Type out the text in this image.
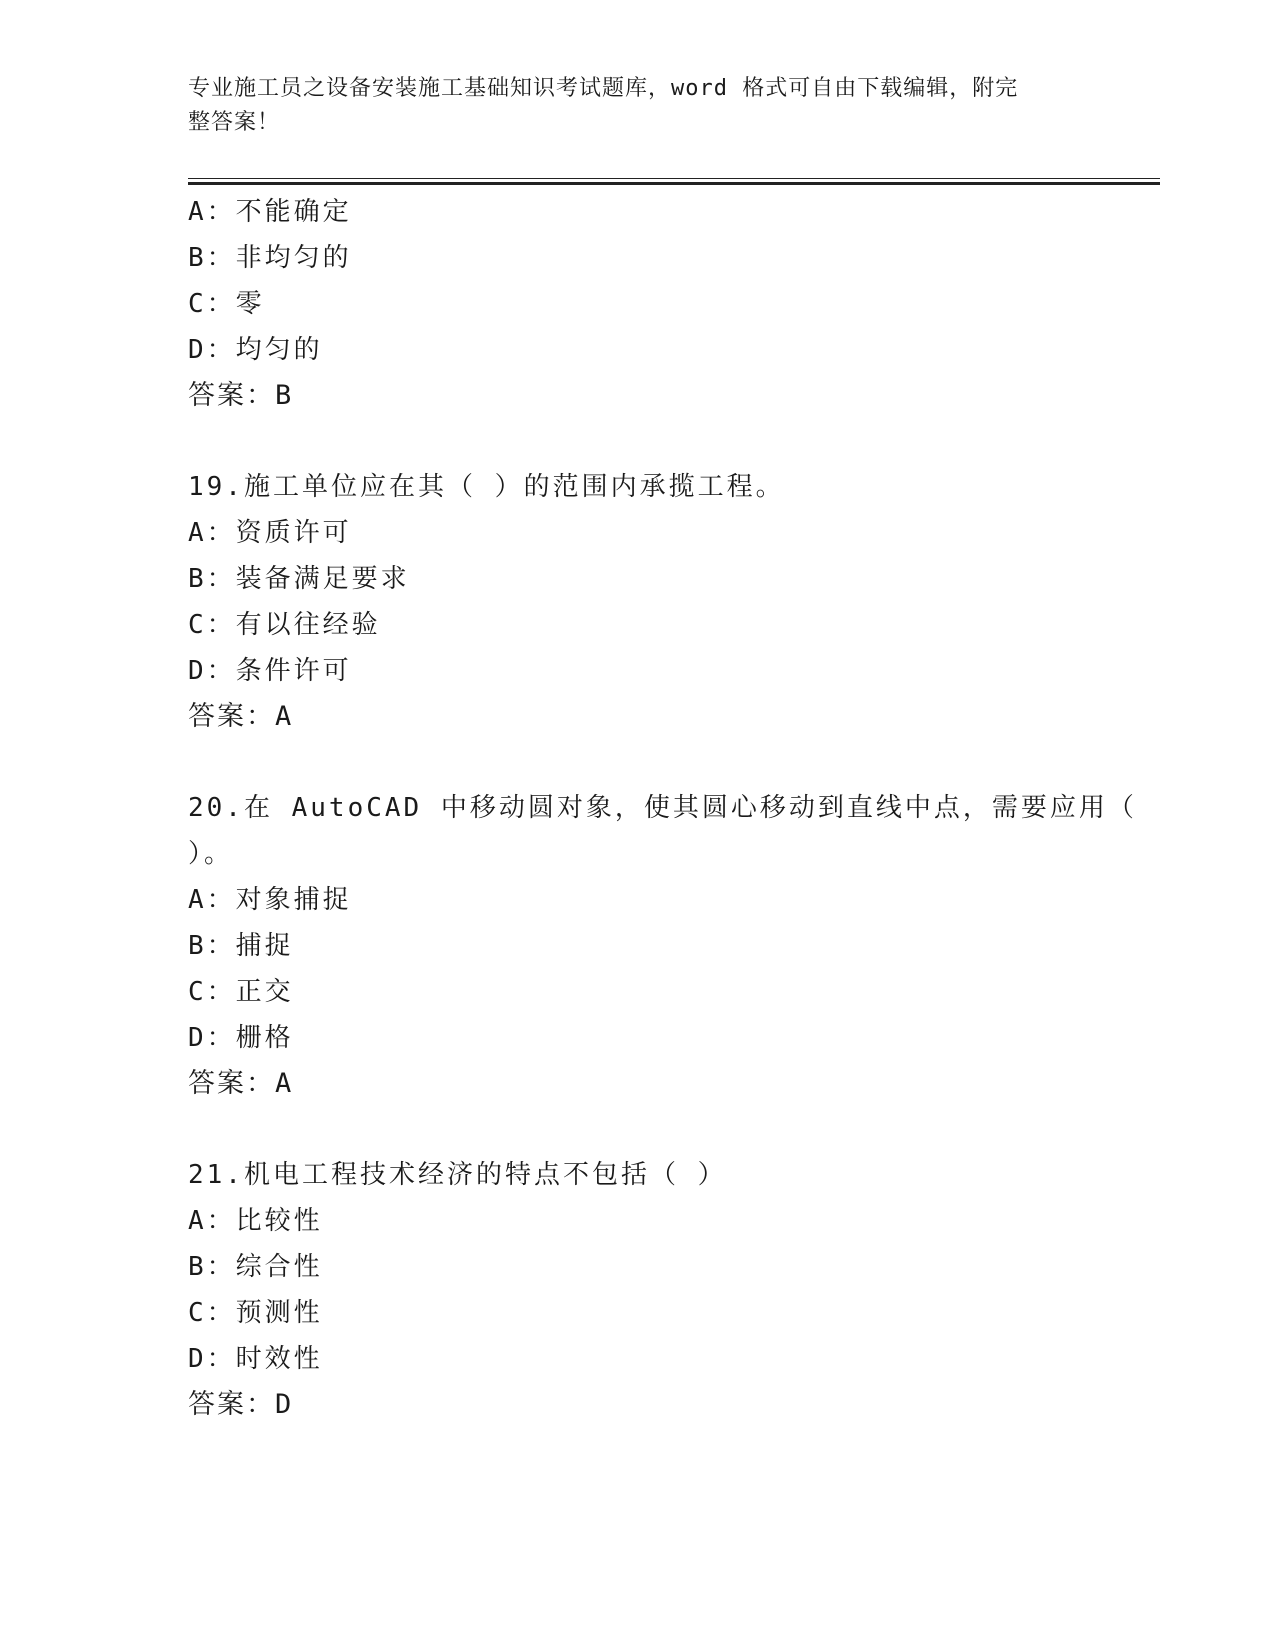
专业施工员之设备安装施工基础知识考试题库，word 格式可自由下载编辑，附完
整答案！
A：不能确定
B：非均匀的
C：零
D：均匀的
答案：B
19.施工单位应在其（ ）的范围内承揽工程。
A：资质许可
B：装备满足要求
C：有以往经验
D：条件许可
答案：A
20.在 AutoCAD 中移动圆对象，使其圆心移动到直线中点，需要应用（
）。
A：对象捕捉
B：捕捉
C：正交
D：栅格
答案：A
21.机电工程技术经济的特点不包括（ ）
A：比较性
B：综合性
C：预测性
D：时效性
答案：D
